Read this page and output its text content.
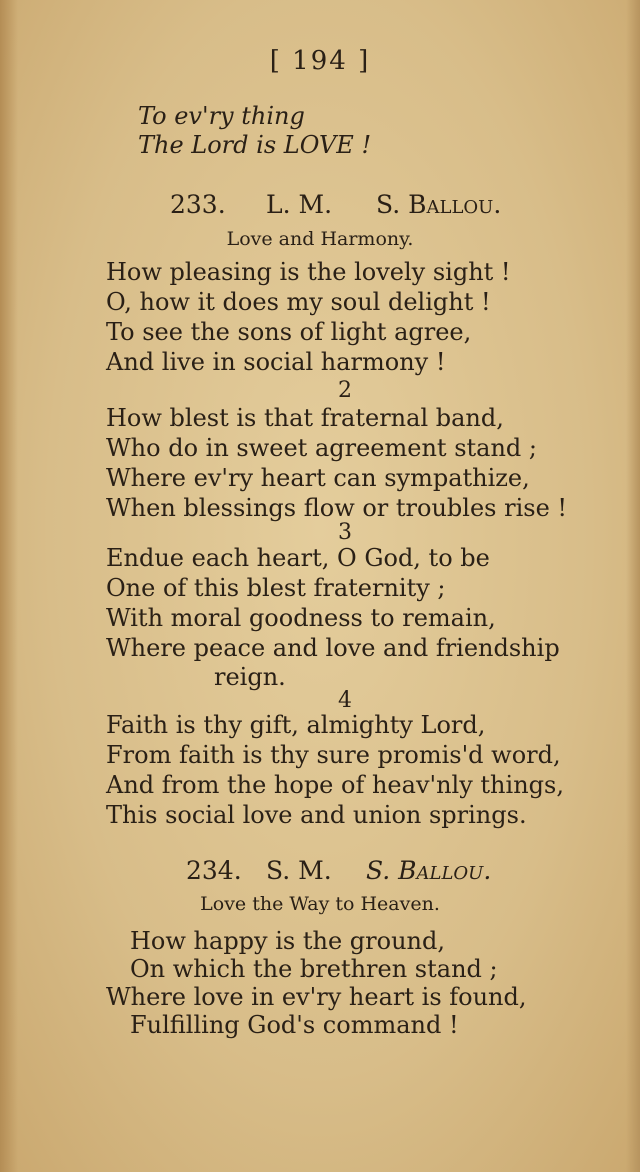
[ 194 ]
To ev'ry thing
The Lord is LOVE !
233. L. M. S. Ballou.
Love and Harmony.
How pleasing is the lovely sight !
O, how it does my soul delight !
To see the sons of light agree,
And live in social harmony !
2
How blest is that fraternal band,
Who do in sweet agreement stand ;
Where ev'ry heart can sympathize,
When blessings flow or troubles rise !
3
Endue each heart, O God, to be
One of this blest fraternity ;
With moral goodness to remain,
Where peace and love and friendship
reign.
4
Faith is thy gift, almighty Lord,
From faith is thy sure promis'd word,
And from the hope of heav'nly things,
This social love and union springs.
234. S. M. S. Ballou.
Love the Way to Heaven.
How happy is the ground,
On which the brethren stand ;
Where love in ev'ry heart is found,
Fulfilling God's command !
